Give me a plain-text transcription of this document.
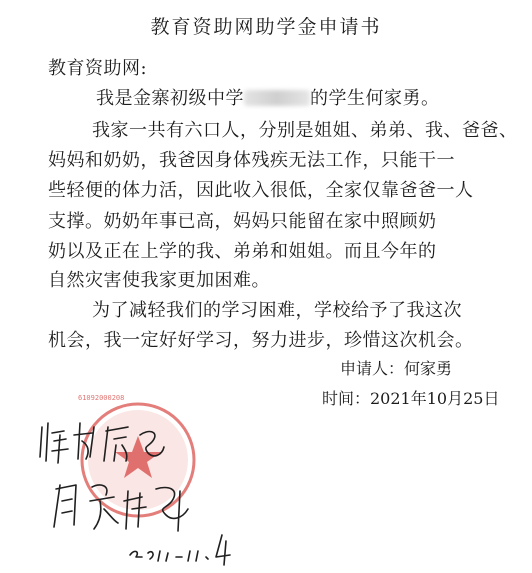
教育资助网助学金申请书
教育资助网:
我是金寨初级中学	的学生何家勇。
我家一共有六口人，分别是姐姐、弟弟、我、爸爸、
妈妈和奶奶，我爸因身体残疾无法工作，只能干一
些轻便的体力活，因此收入很低，全家仅靠爸爸一人
支撑。奶奶年事已高，妈妈只能留在家中照顾奶
奶以及正在上学的我、弟弟和姐姐。而且今年的
自然灾害使我家更加困难。
为了减轻我们的学习困难，学校给予了我这次
机会，我一定好好学习，努力进步，珍惜这次机会。
申请人：何家勇
时间：2021年10月25日
61092000208
